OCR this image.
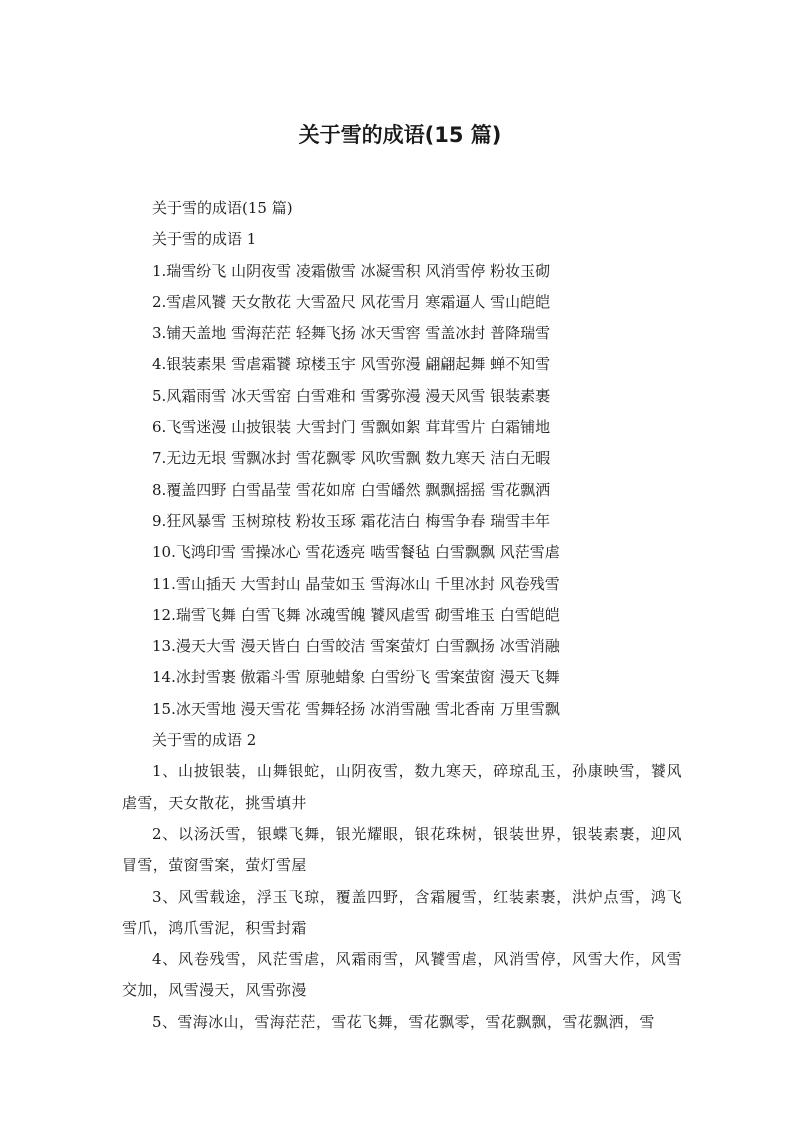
关于雪的成语(15 篇)
关于雪的成语(15 篇)
关于雪的成语 1
1.瑞雪纷飞 山阴夜雪 凌霜傲雪 冰凝雪积 风消雪停 粉妆玉砌
2.雪虐风饕 天女散花 大雪盈尺 风花雪月 寒霜逼人 雪山皑皑
3.铺天盖地 雪海茫茫 轻舞飞扬 冰天雪窖 雪盖冰封 普降瑞雪
4.银装素果 雪虐霜饕 琼楼玉宇 风雪弥漫 翩翩起舞 蝉不知雪
5.风霜雨雪 冰天雪窑 白雪难和 雪雾弥漫 漫天风雪 银装素裹
6.飞雪迷漫 山披银装 大雪封门 雪飘如絮 茸茸雪片 白霜铺地
7.无边无垠 雪飘冰封 雪花飘零 风吹雪飘 数九寒天 洁白无暇
8.覆盖四野 白雪晶莹 雪花如席 白雪皤然 飘飘摇摇 雪花飘洒
9.狂风暴雪 玉树琼枝 粉妆玉琢 霜花洁白 梅雪争春 瑞雪丰年
10.飞鸿印雪 雪操冰心 雪花透亮 啮雪餐毡 白雪飘飘 风茫雪虐
11.雪山插天 大雪封山 晶莹如玉 雪海冰山 千里冰封 风卷残雪
12.瑞雪飞舞 白雪飞舞 冰魂雪魄 饕风虐雪 砌雪堆玉 白雪皑皑
13.漫天大雪 漫天皆白 白雪皎洁 雪案萤灯 白雪飘扬 冰雪消融
14.冰封雪裹 傲霜斗雪 原驰蜡象 白雪纷飞 雪案萤窗 漫天飞舞
15.冰天雪地 漫天雪花 雪舞轻扬 冰消雪融 雪北香南 万里雪飘
关于雪的成语 2
1、山披银装，山舞银蛇，山阴夜雪，数九寒天，碎琼乱玉，孙康映雪，饕风虐雪，天女散花，挑雪填井
2、以汤沃雪，银蝶飞舞，银光耀眼，银花珠树，银装世界，银装素裹，迎风冒雪，萤窗雪案，萤灯雪屋
3、风雪载途，浮玉飞琼，覆盖四野，含霜履雪，红装素裹，洪炉点雪，鸿飞雪爪，鸿爪雪泥，积雪封霜
4、风卷残雪，风茫雪虐，风霜雨雪，风饕雪虐，风消雪停，风雪大作，风雪交加，风雪漫天，风雪弥漫
5、雪海冰山，雪海茫茫，雪花飞舞，雪花飘零，雪花飘飘，雪花飘洒，雪
